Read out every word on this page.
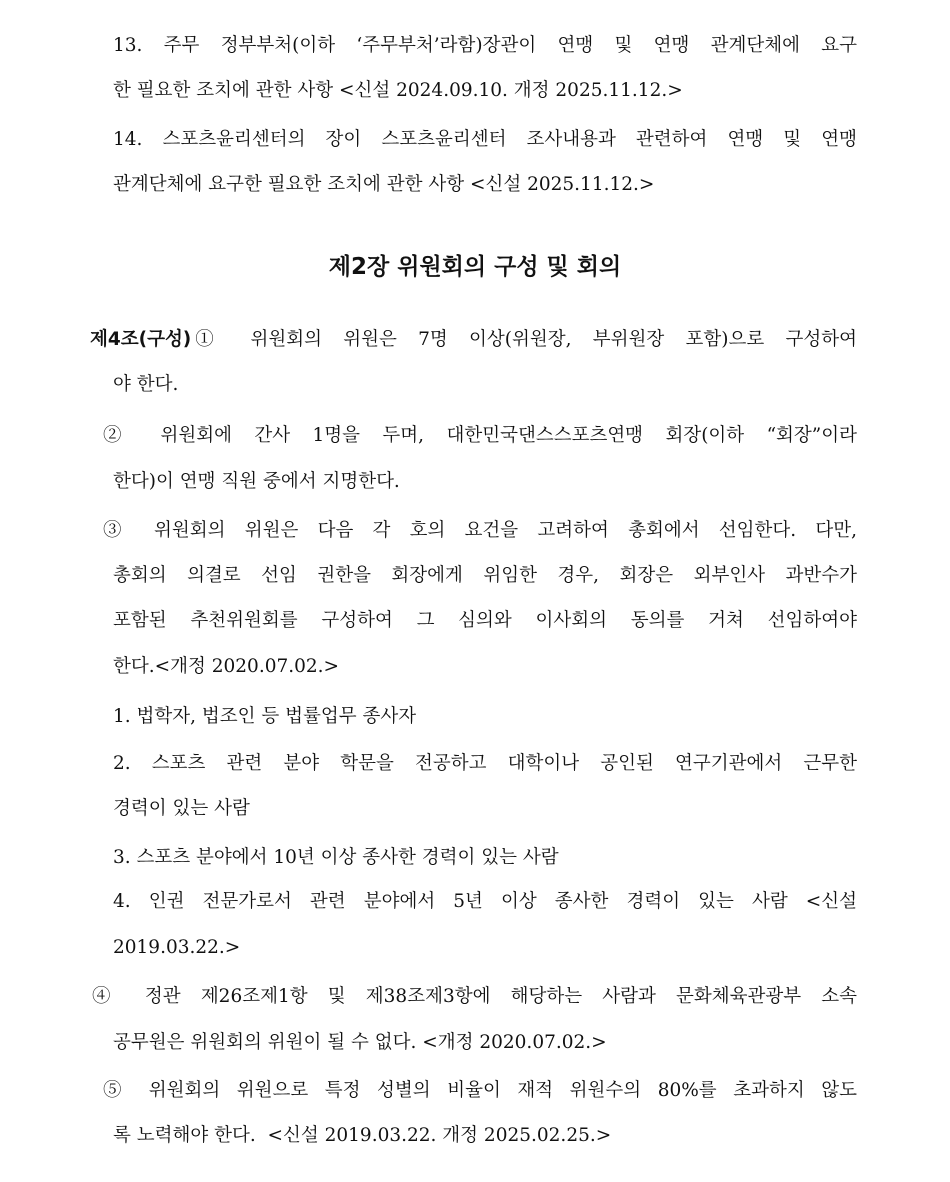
13. 주무 정부부처(이하 ‘주무부처’라함)장관이 연맹 및 연맹 관계단체에 요구
한 필요한 조치에 관한 사항 <신설 2024.09.10. 개정 2025.11.12.>
14. 스포츠윤리센터의 장이 스포츠윤리센터 조사내용과 관련하여 연맹 및 연맹
관계단체에 요구한 필요한 조치에 관한 사항 <신설 2025.11.12.>
제2장 위원회의 구성 및 회의
제4조(구성) ① 위원회의 위원은 7명 이상(위원장, 부위원장 포함)으로 구성하여
야 한다.
② 위원회에 간사 1명을 두며, 대한민국댄스스포츠연맹 회장(이하 “회장”이라
한다)이 연맹 직원 중에서 지명한다.
③ 위원회의 위원은 다음 각 호의 요건을 고려하여 총회에서 선임한다. 다만,
총회의 의결로 선임 권한을 회장에게 위임한 경우, 회장은 외부인사 과반수가
포함된 추천위원회를 구성하여 그 심의와 이사회의 동의를 거쳐 선임하여야
한다.<개정 2020.07.02.>
1. 법학자, 법조인 등 법률업무 종사자
2. 스포츠 관련 분야 학문을 전공하고 대학이나 공인된 연구기관에서 근무한
경력이 있는 사람
3. 스포츠 분야에서 10년 이상 종사한 경력이 있는 사람
4. 인권 전문가로서 관련 분야에서 5년 이상 종사한 경력이 있는 사람 <신설
2019.03.22.>
④ 정관 제26조제1항 및 제38조제3항에 해당하는 사람과 문화체육관광부 소속
공무원은 위원회의 위원이 될 수 없다. <개정 2020.07.02.>
⑤ 위원회의 위원으로 특정 성별의 비율이 재적 위원수의 80%를 초과하지 않도
록 노력해야 한다.  <신설 2019.03.22. 개정 2025.02.25.>
